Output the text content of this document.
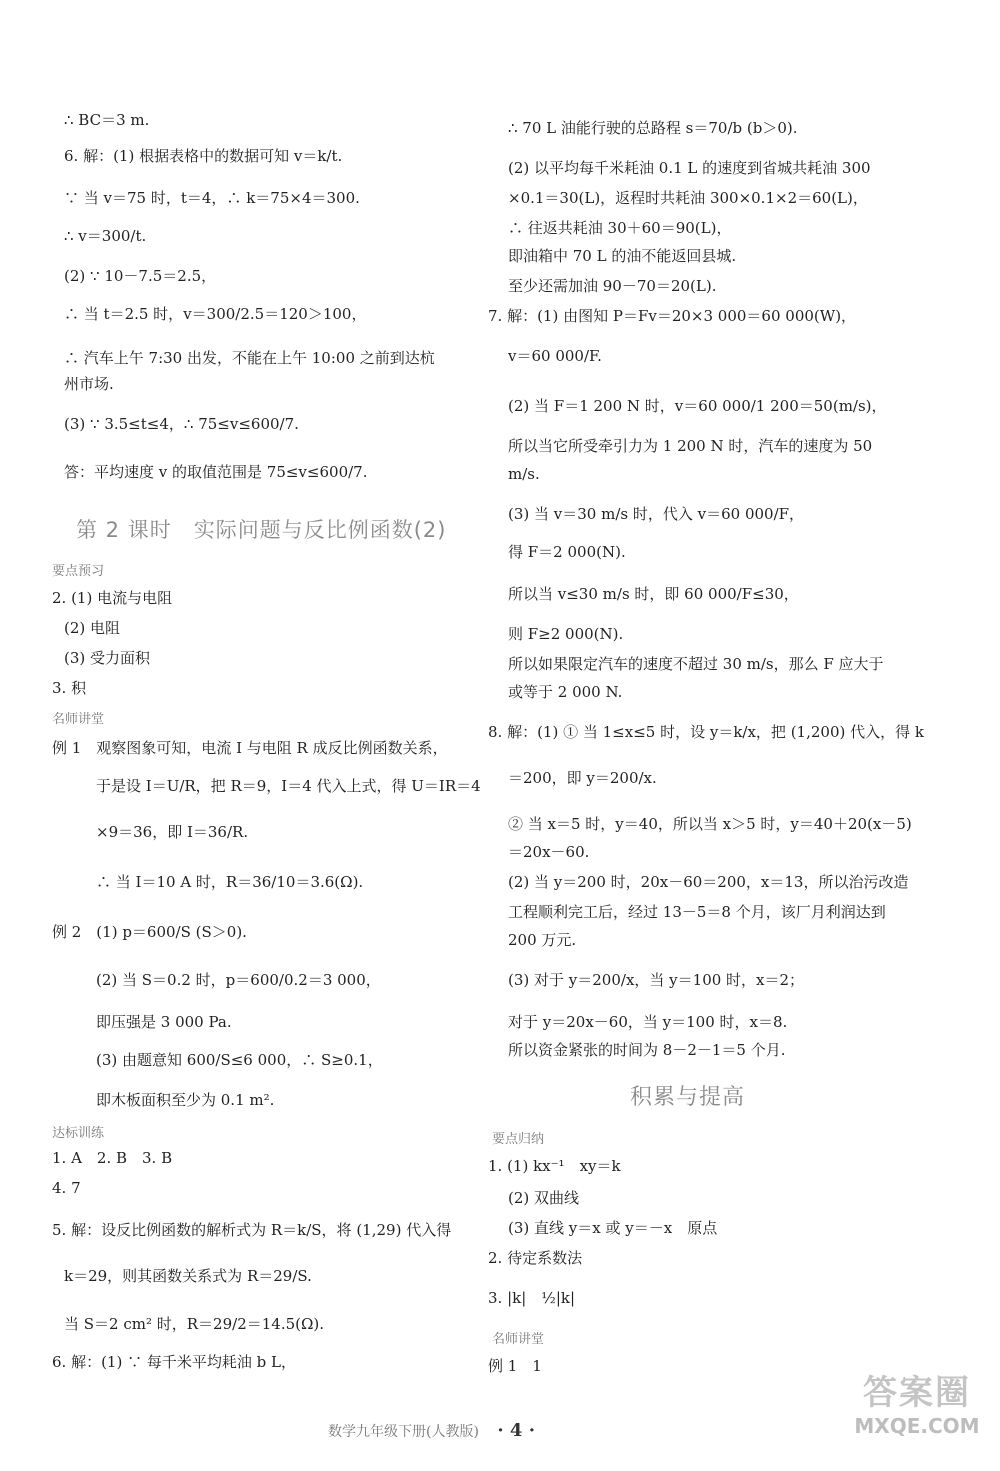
∴ BC＝3 m.
6. 解：(1) 根据表格中的数据可知 v＝k/t.
∵ 当 v＝75 时，t＝4，∴ k＝75×4＝300.
∴ v＝300/t.
(2) ∵ 10－7.5＝2.5，
∴ 当 t＝2.5 时，v＝300/2.5＝120＞100，
∴ 汽车上午 7:30 出发，不能在上午 10:00 之前到达杭
州市场.
(3) ∵ 3.5≤t≤4，∴ 75≤v≤600/7.
答：平均速度 v 的取值范围是 75≤v≤600/7.
第 2 课时　实际问题与反比例函数(2)
要点预习
2. (1) 电流与电阻
(2) 电阻
(3) 受力面积
3. 积
名师讲堂
例 1　观察图象可知，电流 I 与电阻 R 成反比例函数关系，
于是设 I＝U/R，把 R＝9，I＝4 代入上式，得 U＝IR＝4
×9＝36，即 I＝36/R.
∴ 当 I＝10 A 时，R＝36/10＝3.6(Ω).
例 2　(1) p＝600/S (S＞0).
(2) 当 S＝0.2 时，p＝600/0.2＝3 000，
即压强是 3 000 Pa.
(3) 由题意知 600/S≤6 000，∴ S≥0.1，
即木板面积至少为 0.1 m².
达标训练
1. A　2. B　3. B
4. 7
5. 解：设反比例函数的解析式为 R＝k/S，将 (1,29) 代入得
k＝29，则其函数关系式为 R＝29/S.
当 S＝2 cm² 时，R＝29/2＝14.5(Ω).
6. 解：(1) ∵ 每千米平均耗油 b L，
∴ 70 L 油能行驶的总路程 s＝70/b (b＞0).
(2) 以平均每千米耗油 0.1 L 的速度到省城共耗油 300
×0.1＝30(L)，返程时共耗油 300×0.1×2＝60(L)，
∴ 往返共耗油 30＋60＝90(L)，
即油箱中 70 L 的油不能返回县城.
至少还需加油 90－70＝20(L).
7. 解：(1) 由图知 P＝Fv＝20×3 000＝60 000(W)，
v＝60 000/F.
(2) 当 F＝1 200 N 时，v＝60 000/1 200＝50(m/s)，
所以当它所受牵引力为 1 200 N 时，汽车的速度为 50
m/s.
(3) 当 v＝30 m/s 时，代入 v＝60 000/F，
得 F＝2 000(N).
所以当 v≤30 m/s 时，即 60 000/F≤30，
则 F≥2 000(N).
所以如果限定汽车的速度不超过 30 m/s，那么 F 应大于
或等于 2 000 N.
8. 解：(1) ① 当 1≤x≤5 时，设 y＝k/x，把 (1,200) 代入，得 k
＝200，即 y＝200/x.
② 当 x＝5 时，y＝40，所以当 x＞5 时，y＝40＋20(x－5)
＝20x－60.
(2) 当 y＝200 时，20x－60＝200，x＝13，所以治污改造
工程顺利完工后，经过 13－5＝8 个月，该厂月利润达到
200 万元.
(3) 对于 y＝200/x，当 y＝100 时，x＝2；
对于 y＝20x－60，当 y＝100 时，x＝8.
所以资金紧张的时间为 8－2－1＝5 个月.
积累与提高
要点归纳
1. (1) kx⁻¹　xy＝k
(2) 双曲线
(3) 直线 y＝x 或 y＝－x　原点
2. 待定系数法
3. |k|　½|k|
名师讲堂
例 1　1
数学九年级下册(人教版) · 4 ·
答案圈
MXQE.COM
